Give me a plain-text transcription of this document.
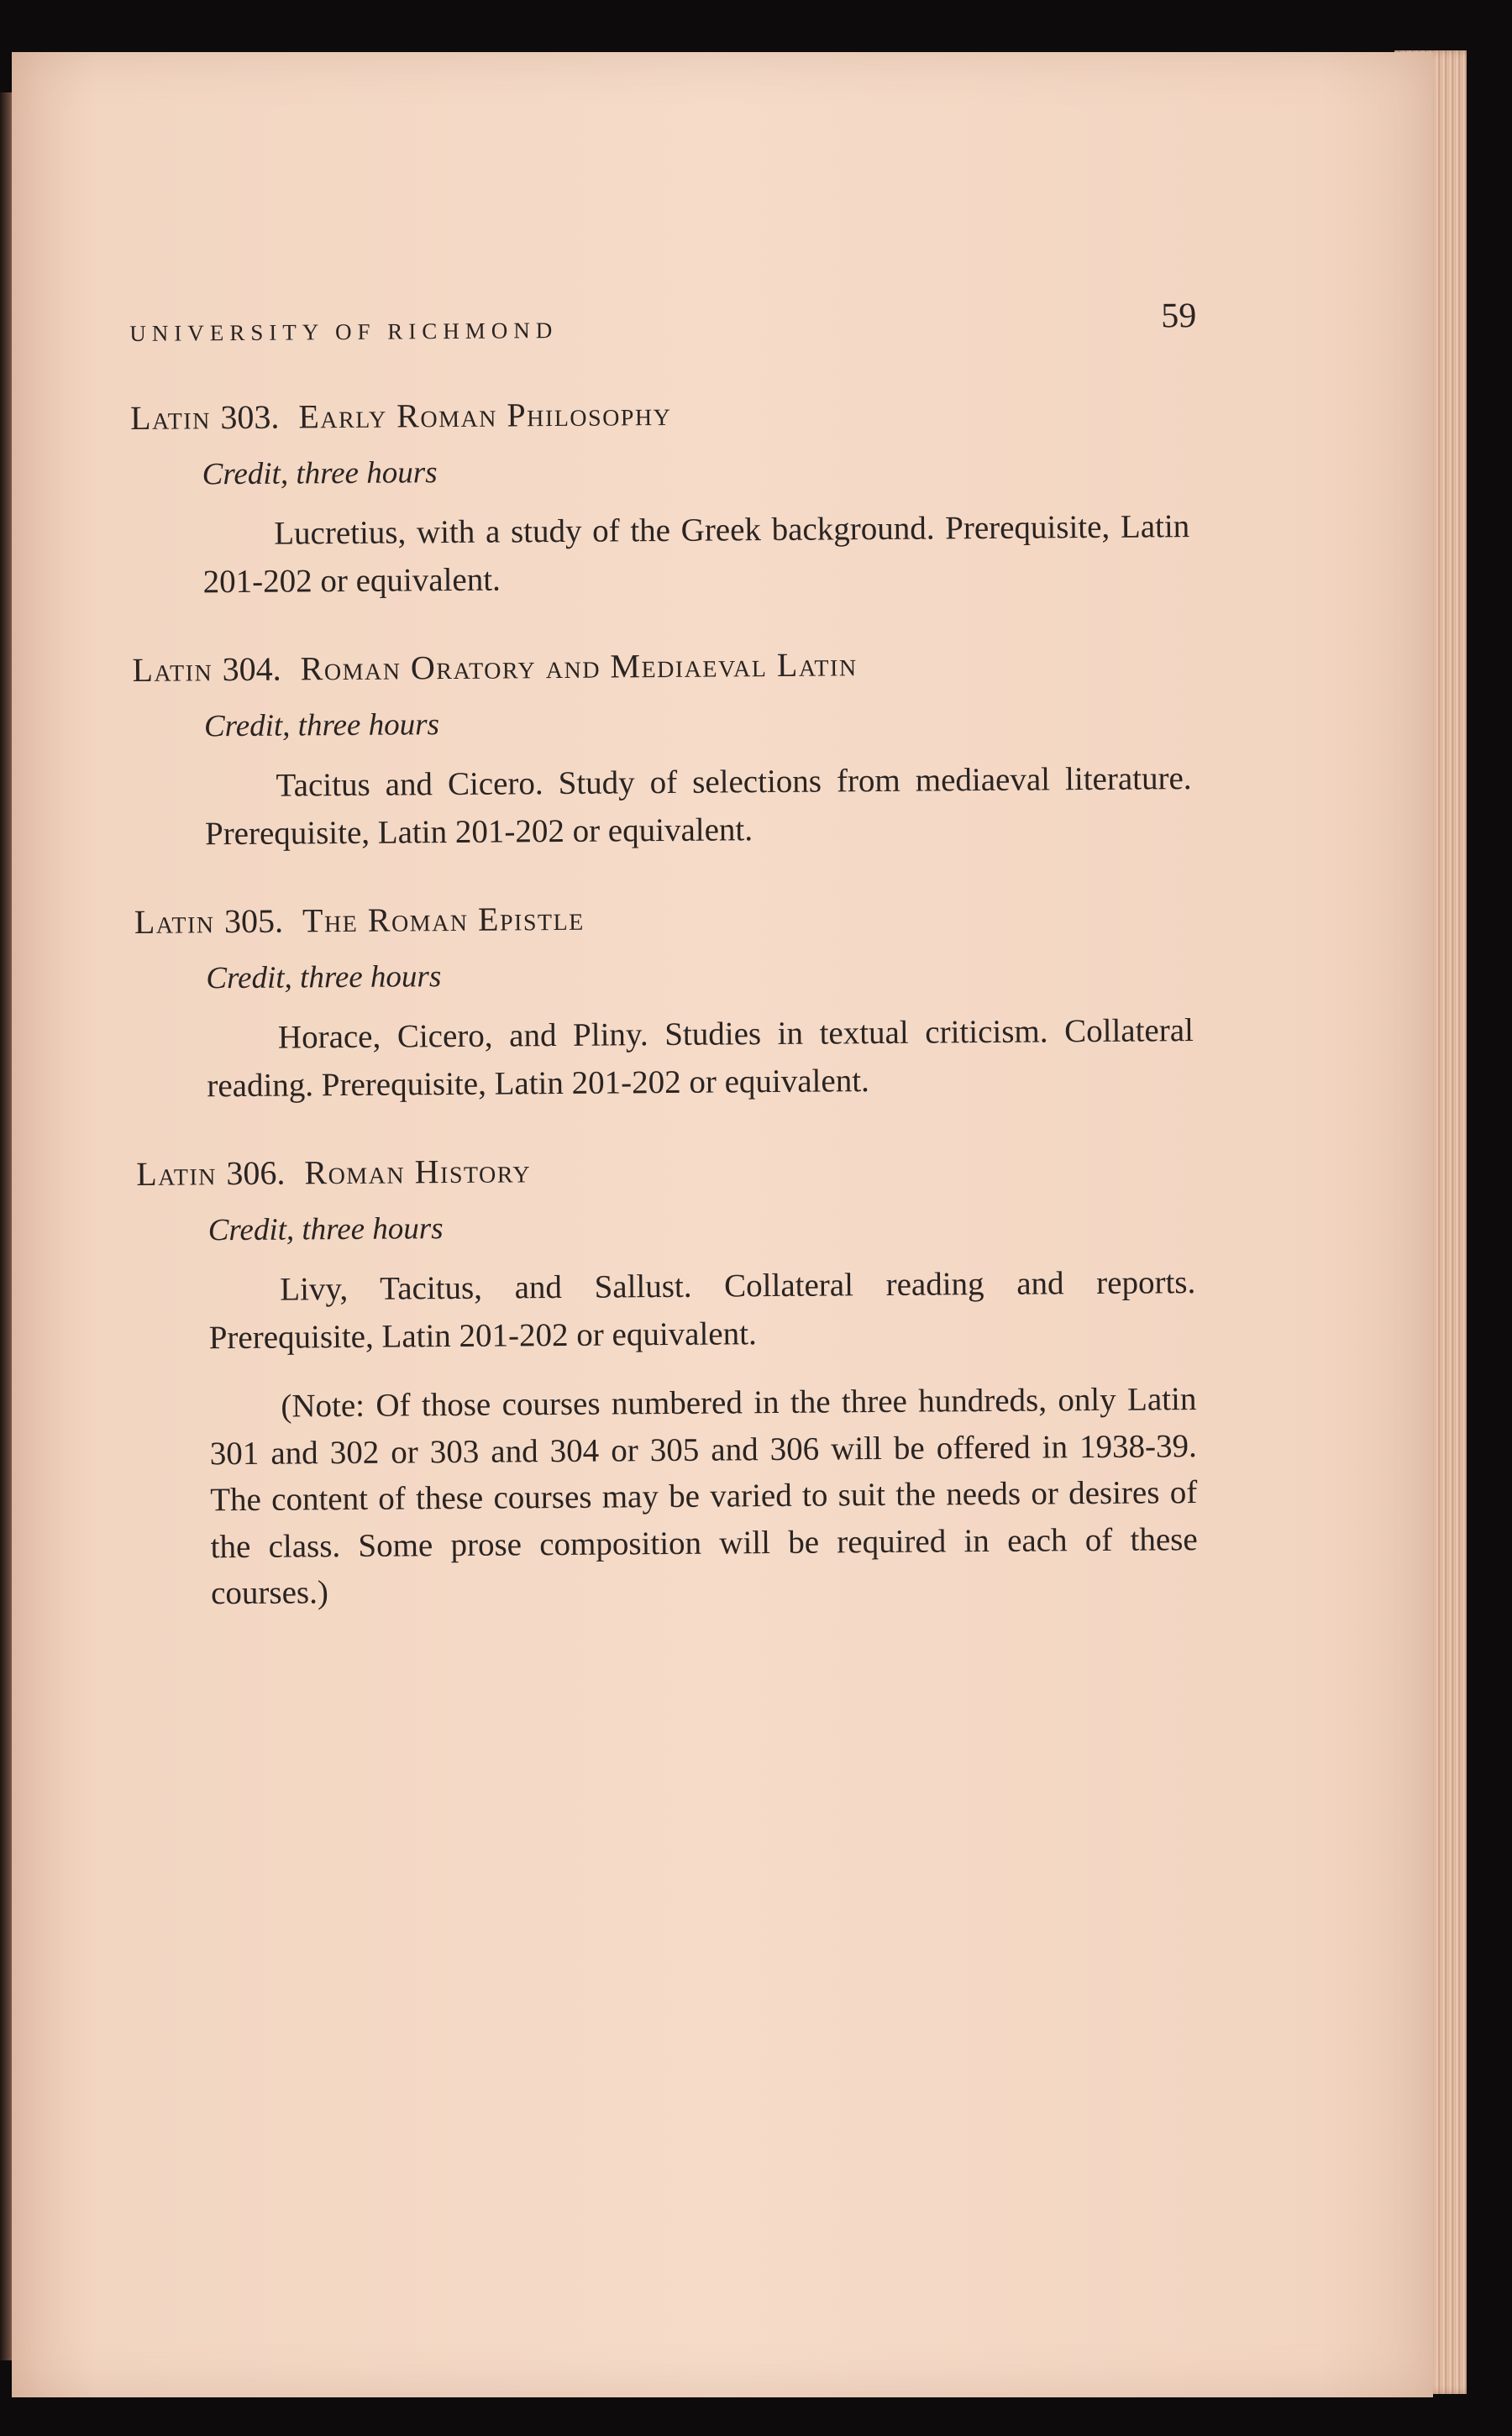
UNIVERSITY OF RICHMOND	59
Latin 303. Early Roman Philosophy
Credit, three hours
Lucretius, with a study of the Greek background. Prerequisite, Latin 201-202 or equivalent.
Latin 304. Roman Oratory and Mediaeval Latin
Credit, three hours
Tacitus and Cicero. Study of selections from mediaeval literature. Prerequisite, Latin 201-202 or equivalent.
Latin 305. The Roman Epistle
Credit, three hours
Horace, Cicero, and Pliny. Studies in textual criticism. Collateral reading. Prerequisite, Latin 201-202 or equivalent.
Latin 306. Roman History
Credit, three hours
Livy, Tacitus, and Sallust. Collateral reading and reports. Prerequisite, Latin 201-202 or equivalent.
(Note: Of those courses numbered in the three hundreds, only Latin 301 and 302 or 303 and 304 or 305 and 306 will be offered in 1938-39. The content of these courses may be varied to suit the needs or desires of the class. Some prose composition will be required in each of these courses.)
